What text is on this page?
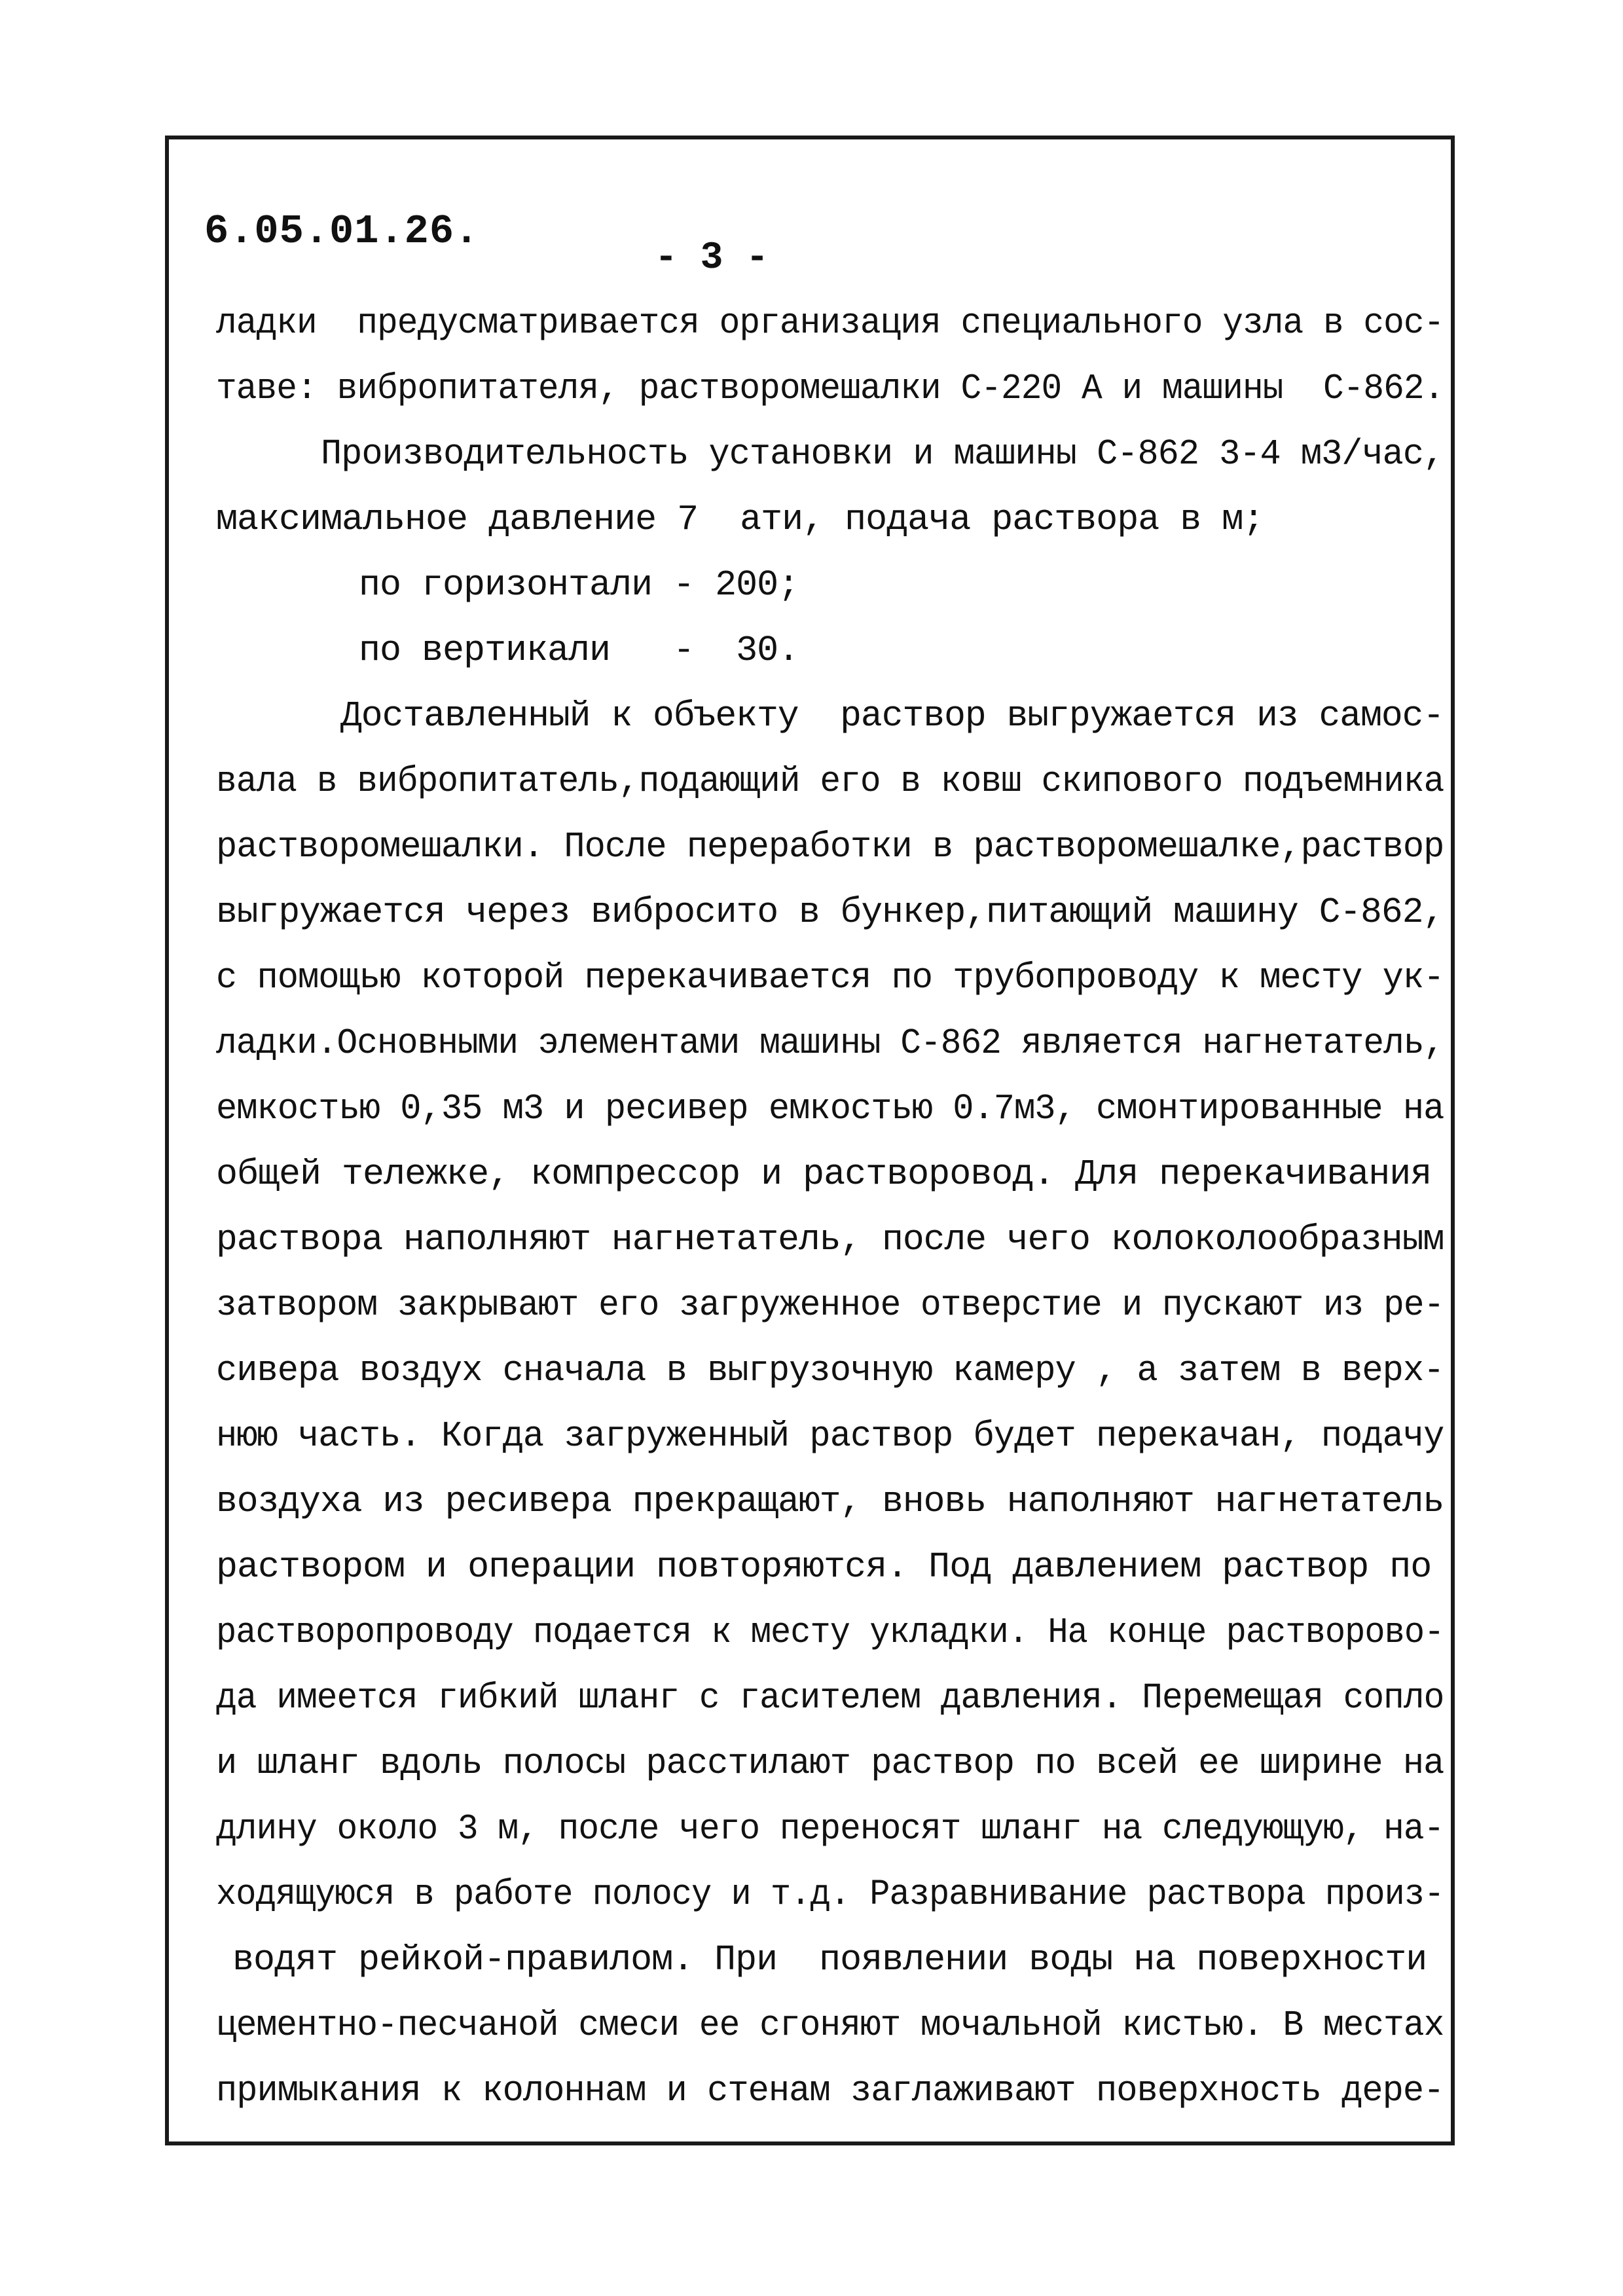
6.05.01.26.
- 3 -
ладки  предусматривается организация специального узла в сос-
таве: вибропитателя, растворомешалки С-220 А и машины  С-862.
Производительность установки и машины С-862 3-4 м3/час,
максимальное давление 7  ати, подача раствора в м;
по горизонтали - 200;
по вертикали   -  30.
Доставленный к объекту  раствор выгружается из самос-
вала в вибропитатель,подающий его в ковш скипового подъемника
растворомешалки. После переработки в растворомешалке,раствор
выгружается через вибросито в бункер,питающий машину С-862,
с помощью которой перекачивается по трубопроводу к месту ук-
ладки.Основными элементами машины С-862 является нагнетатель,
емкостью 0,35 м3 и ресивер емкостью 0.7м3, смонтированные на
общей тележке, компрессор и растворовод. Для перекачивания
раствора наполняют нагнетатель, после чего колоколообразным
затвором закрывают его загруженное отверстие и пускают из ре-
сивера воздух сначала в выгрузочную камеру , а затем в верх-
нюю часть. Когда загруженный раствор будет перекачан, подачу
воздуха из ресивера прекращают, вновь наполняют нагнетатель
раствором и операции повторяются. Под давлением раствор по
растворопроводу подается к месту укладки. На конце растворово-
да имеется гибкий шланг с гасителем давления. Перемещая сопло
и шланг вдоль полосы расстилают раствор по всей ее ширине на
длину около 3 м, после чего переносят шланг на следующую, на-
ходящуюся в работе полосу и т.д. Разравнивание раствора произ-
водят рейкой-правилом. При  появлении воды на поверхности
цементно-песчаной смеси ее сгоняют мочальной кистью. В местах
примыкания к колоннам и стенам заглаживают поверхность дере-
